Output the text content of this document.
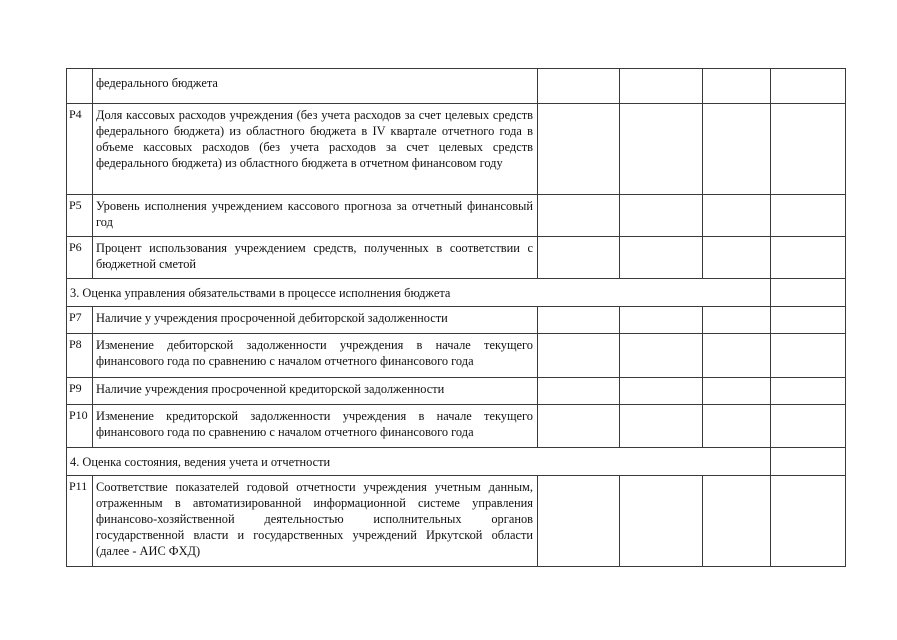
	федерального бюджета				
P4	Доля кассовых расходов учреждения (без учета расходов за счет целевых средств федерального бюджета) из областного бюджета в IV квартале отчетного года в объеме кассовых расходов (без учета расходов за счет целевых средств федерального бюджета) из областного бюджета в отчетном финансовом году				
P5	Уровень исполнения учреждением кассового прогноза за отчетный финансовый год				
P6	Процент использования учреждением средств, полученных в соответствии с бюджетной сметой				
3. Оценка управления обязательствами в процессе исполнения бюджета					
P7	Наличие у учреждения просроченной дебиторской задолженности				
P8	Изменение дебиторской задолженности учреждения в начале текущего финансового года по сравнению с началом отчетного финансового года				
P9	Наличие учреждения просроченной кредиторской задолженности				
P10	Изменение кредиторской задолженности учреждения в начале текущего финансового года по сравнению с началом отчетного финансового года				
4. Оценка состояния, ведения учета и отчетности					
P11	Соответствие показателей годовой отчетности учреждения учетным данным, отраженным в автоматизированной информационной системе управления финансово-хозяйственной деятельностью исполнительных органов государственной власти и государственных учреждений Иркутской области (далее - АИС ФХД)				
